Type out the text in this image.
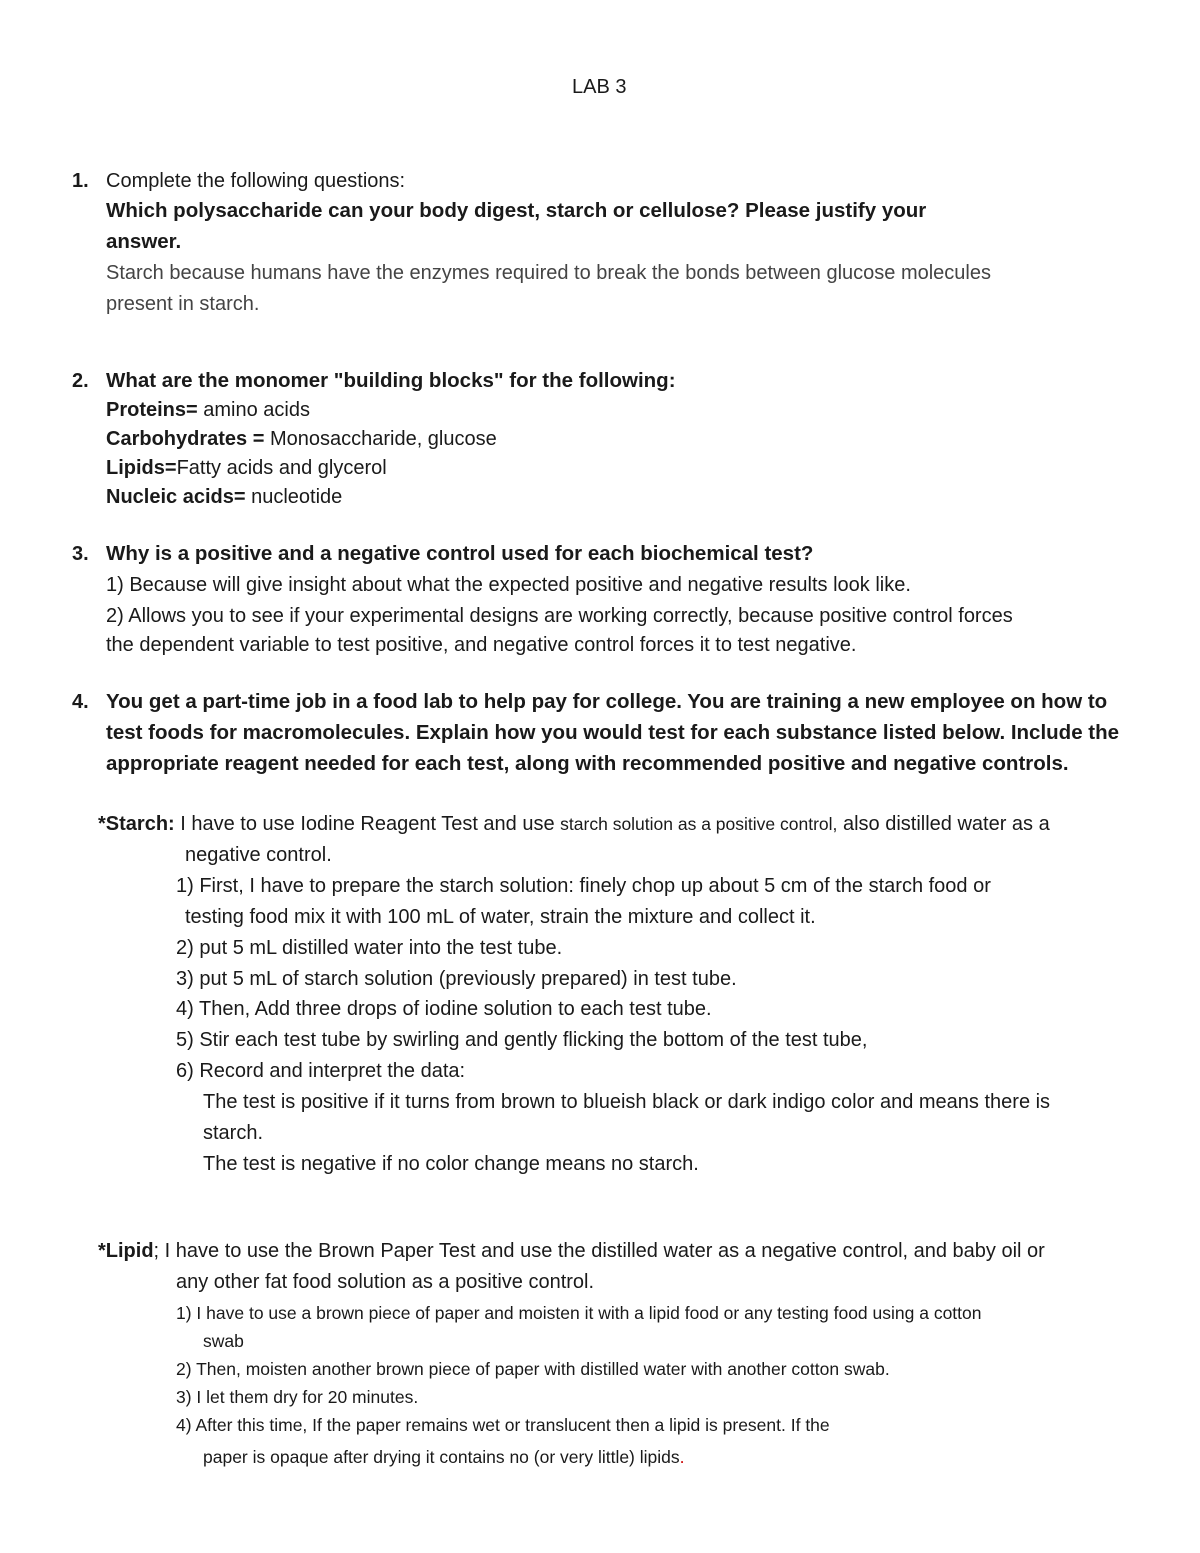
LAB 3
1. Complete the following questions:
Which polysaccharide can your body digest, starch or cellulose? Please justify your
answer.
Starch because humans have the enzymes required to break the bonds between glucose molecules
present in starch.
2. What are the monomer "building blocks" for the following:
Proteins= amino acids
Carbohydrates = Monosaccharide, glucose
Lipids=Fatty acids and glycerol
Nucleic acids= nucleotide
3. Why is a positive and a negative control used for each biochemical test?
1) Because will give insight about what the expected positive and negative results look like.
2) Allows you to see if your experimental designs are working correctly, because positive control forces
the dependent variable to test positive, and negative control forces it to test negative.
4. You get a part-time job in a food lab to help pay for college. You are training a new employee on how to
test foods for macromolecules. Explain how you would test for each substance listed below. Include the
appropriate reagent needed for each test, along with recommended positive and negative controls.
*Starch: I have to use Iodine Reagent Test and use starch solution as a positive control, also distilled water as a
negative control.
1) First, I have to prepare the starch solution: finely chop up about 5 cm of the starch food or
testing food mix it with 100 mL of water, strain the mixture and collect it.
2) put 5 mL distilled water into the test tube.
3) put 5 mL of starch solution (previously prepared) in test tube.
4) Then, Add three drops of iodine solution to each test tube.
5) Stir each test tube by swirling and gently flicking the bottom of the test tube,
6) Record and interpret the data:
The test is positive if it turns from brown to blueish black or dark indigo color and means there is
starch.
The test is negative if no color change means no starch.
*Lipid; I have to use the Brown Paper Test and use the distilled water as a negative control, and baby oil or
any other fat food solution as a positive control.
1) I have to use a brown piece of paper and moisten it with a lipid food or any testing food using a cotton
swab
2) Then, moisten another brown piece of paper with distilled water with another cotton swab.
3) I let them dry for 20 minutes.
4) After this time, If the paper remains wet or translucent then a lipid is present. If the
paper is opaque after drying it contains no (or very little) lipids.
